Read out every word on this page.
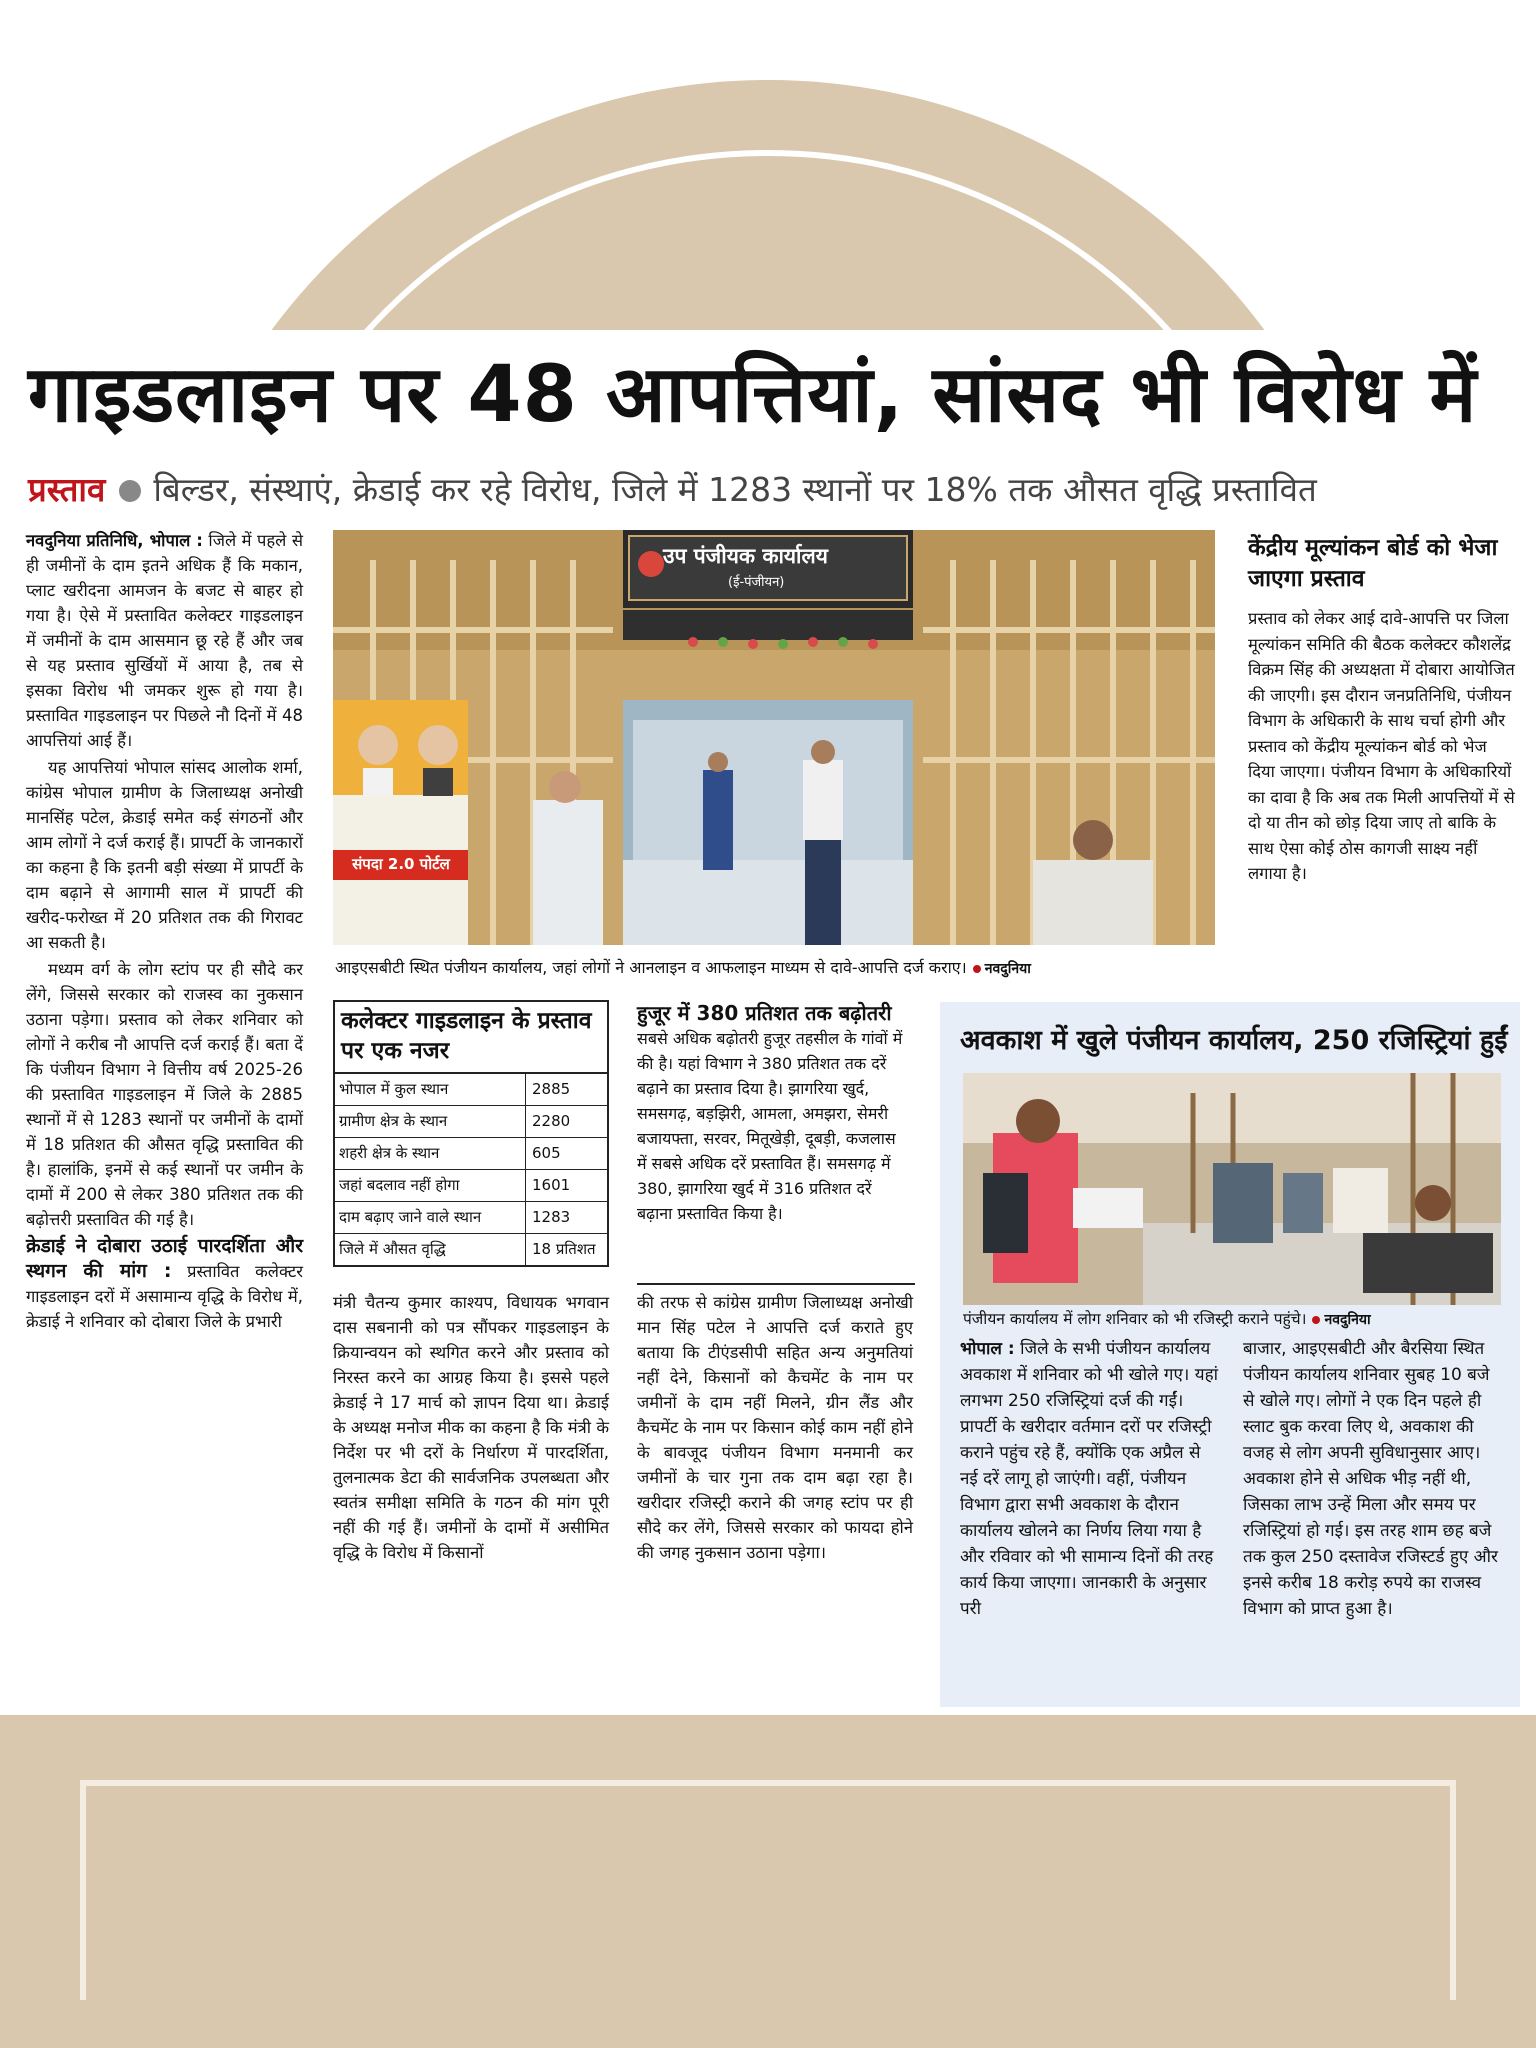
गाइडलाइन पर 48 आपत्तियां, सांसद भी विरोध में
प्रस्ताव बिल्डर, संस्थाएं, क्रेडाई कर रहे विरोध, जिले में 1283 स्थानों पर 18% तक औसत वृद्धि प्रस्तावित

नवदुनिया प्रतिनिधि, भोपाल : जिले में पहले से ही जमीनों के दाम इतने अधिक हैं कि मकान, प्लाट खरीदना आमजन के बजट से बाहर हो गया है। ऐसे में प्रस्तावित कलेक्टर गाइडलाइन में जमीनों के दाम आसमान छू रहे हैं और जब से यह प्रस्ताव सुर्खियों में आया है, तब से इसका विरोध भी जमकर शुरू हो गया है। प्रस्तावित गाइडलाइन पर पिछले नौ दिनों में 48 आपत्तियां आई हैं।

यह आपत्तियां भोपाल सांसद आलोक शर्मा, कांग्रेस भोपाल ग्रामीण के जिलाध्यक्ष अनोखी मानसिंह पटेल, क्रेडाई समेत कई संगठनों और आम लोगों ने दर्ज कराई हैं। प्रापर्टी के जानकारों का कहना है कि इतनी बड़ी संख्या में प्रापर्टी के दाम बढ़ाने से आगामी साल में प्रापर्टी की खरीद-फरोख्त में 20 प्रतिशत तक की गिरावट आ सकती है।

मध्यम वर्ग के लोग स्टांप पर ही सौदे कर लेंगे, जिससे सरकार को राजस्व का नुकसान उठाना पड़ेगा। प्रस्ताव को लेकर शनिवार को लोगों ने करीब नौ आपत्ति दर्ज कराई हैं। बता दें कि पंजीयन विभाग ने वित्तीय वर्ष 2025-26 की प्रस्तावित गाइडलाइन में जिले के 2885 स्थानों में से 1283 स्थानों पर जमीनों के दामों में 18 प्रतिशत की औसत वृद्धि प्रस्तावित की है। हालांकि, इनमें से कई स्थानों पर जमीन के दामों में 200 से लेकर 380 प्रतिशत तक की बढ़ोत्तरी प्रस्तावित की गई है।

क्रेडाई ने दोबारा उठाई पारदर्शिता और स्थगन की मांग : प्रस्तावित कलेक्टर गाइडलाइन दरों में असामान्य वृद्धि के विरोध में, क्रेडाई ने शनिवार को दोबारा जिले के प्रभारी

उप पंजीयक कार्यालय
(ई-पंजीयन)
संपदा 2.0 पोर्टल
आइएसबीटी स्थित पंजीयन कार्यालय, जहां लोगों ने आनलाइन व आफलाइन माध्यम से दावे-आपत्ति दर्ज कराए। नवदुनिया
केंद्रीय मूल्यांकन बोर्ड को भेजा जाएगा प्रस्ताव
प्रस्ताव को लेकर आई दावे-आपत्ति पर जिला मूल्यांकन समिति की बैठक कलेक्टर कौशलेंद्र विक्रम सिंह की अध्यक्षता में दोबारा आयोजित की जाएगी। इस दौरान जनप्रतिनिधि, पंजीयन विभाग के अधिकारी के साथ चर्चा होगी और प्रस्ताव को केंद्रीय मूल्यांकन बोर्ड को भेज दिया जाएगा। पंजीयन विभाग के अधिकारियों का दावा है कि अब तक मिली आपत्तियों में से दो या तीन को छोड़ दिया जाए तो बाकि के साथ ऐसा कोई ठोस कागजी साक्ष्य नहीं लगाया है।
कलेक्टर गाइडलाइन के प्रस्ताव पर एक नजर
भोपाल में कुल स्थान	2885
ग्रामीण क्षेत्र के स्थान	2280
शहरी क्षेत्र के स्थान	605
जहां बदलाव नहीं होगा	1601
दाम बढ़ाए जाने वाले स्थान	1283
जिले में औसत वृद्धि	18 प्रतिशत
हुजूर में 380 प्रतिशत तक बढ़ोतरी
सबसे अधिक बढ़ोतरी हुजूर तहसील के गांवों में की है। यहां विभाग ने 380 प्रतिशत तक दरें बढ़ाने का प्रस्ताव दिया है। झागरिया खुर्द, समसगढ़, बड़झिरी, आमला, अमझरा, सेमरी बजायफ्ता, सरवर, मितूखेड़ी, दूबड़ी, कजलास में सबसे अधिक दरें प्रस्तावित हैं। समसगढ़ में 380, झागरिया खुर्द में 316 प्रतिशत दरें बढ़ाना प्रस्तावित किया है।

मंत्री चैतन्य कुमार काश्यप, विधायक भगवान दास सबनानी को पत्र सौंपकर गाइडलाइन के क्रियान्वयन को स्थगित करने और प्रस्ताव को निरस्त करने का आग्रह किया है। इससे पहले क्रेडाई ने 17 मार्च को ज्ञापन दिया था। क्रेडाई के अध्यक्ष मनोज मीक का कहना है कि मंत्री के निर्देश पर भी दरों के निर्धारण में पारदर्शिता, तुलनात्मक डेटा की सार्वजनिक उपलब्धता और स्वतंत्र समीक्षा समिति के गठन की मांग पूरी नहीं की गई हैं। जमीनों के दामों में असीमित वृद्धि के विरोध में किसानों

की तरफ से कांग्रेस ग्रामीण जिलाध्यक्ष अनोखी मान सिंह पटेल ने आपत्ति दर्ज कराते हुए बताया कि टीएंडसीपी सहित अन्य अनुमतियां नहीं देने, किसानों को कैचमेंट के नाम पर जमीनों के दाम नहीं मिलने, ग्रीन लैंड और कैचमेंट के नाम पर किसान कोई काम नहीं होने के बावजूद पंजीयन विभाग मनमानी कर जमीनों के चार गुना तक दाम बढ़ा रहा है। खरीदार रजिस्ट्री कराने की जगह स्टांप पर ही सौदे कर लेंगे, जिससे सरकार को फायदा होने की जगह नुकसान उठाना पड़ेगा।

अवकाश में खुले पंजीयन कार्यालय, 250 रजिस्ट्रियां हुईं
पंजीयन कार्यालय में लोग शनिवार को भी रजिस्ट्री कराने पहुंचे। नवदुनिया

भोपाल : जिले के सभी पंजीयन कार्यालय अवकाश में शनिवार को भी खोले गए। यहां लगभग 250 रजिस्ट्रियां दर्ज की गईं। प्रापर्टी के खरीदार वर्तमान दरों पर रजिस्ट्री कराने पहुंच रहे हैं, क्योंकि एक अप्रैल से नई दरें लागू हो जाएंगी। वहीं, पंजीयन विभाग द्वारा सभी अवकाश के दौरान कार्यालय खोलने का निर्णय लिया गया है और रविवार को भी सामान्य दिनों की तरह कार्य किया जाएगा। जानकारी के अनुसार परी

बाजार, आइएसबीटी और बैरसिया स्थित पंजीयन कार्यालय शनिवार सुबह 10 बजे से खोले गए। लोगों ने एक दिन पहले ही स्लाट बुक करवा लिए थे, अवकाश की वजह से लोग अपनी सुविधानुसार आए। अवकाश होने से अधिक भीड़ नहीं थी, जिसका लाभ उन्हें मिला और समय पर रजिस्ट्रियां हो गई। इस तरह शाम छह बजे तक कुल 250 दस्तावेज रजिस्टर्ड हुए और इनसे करीब 18 करोड़ रुपये का राजस्व विभाग को प्राप्त हुआ है।
